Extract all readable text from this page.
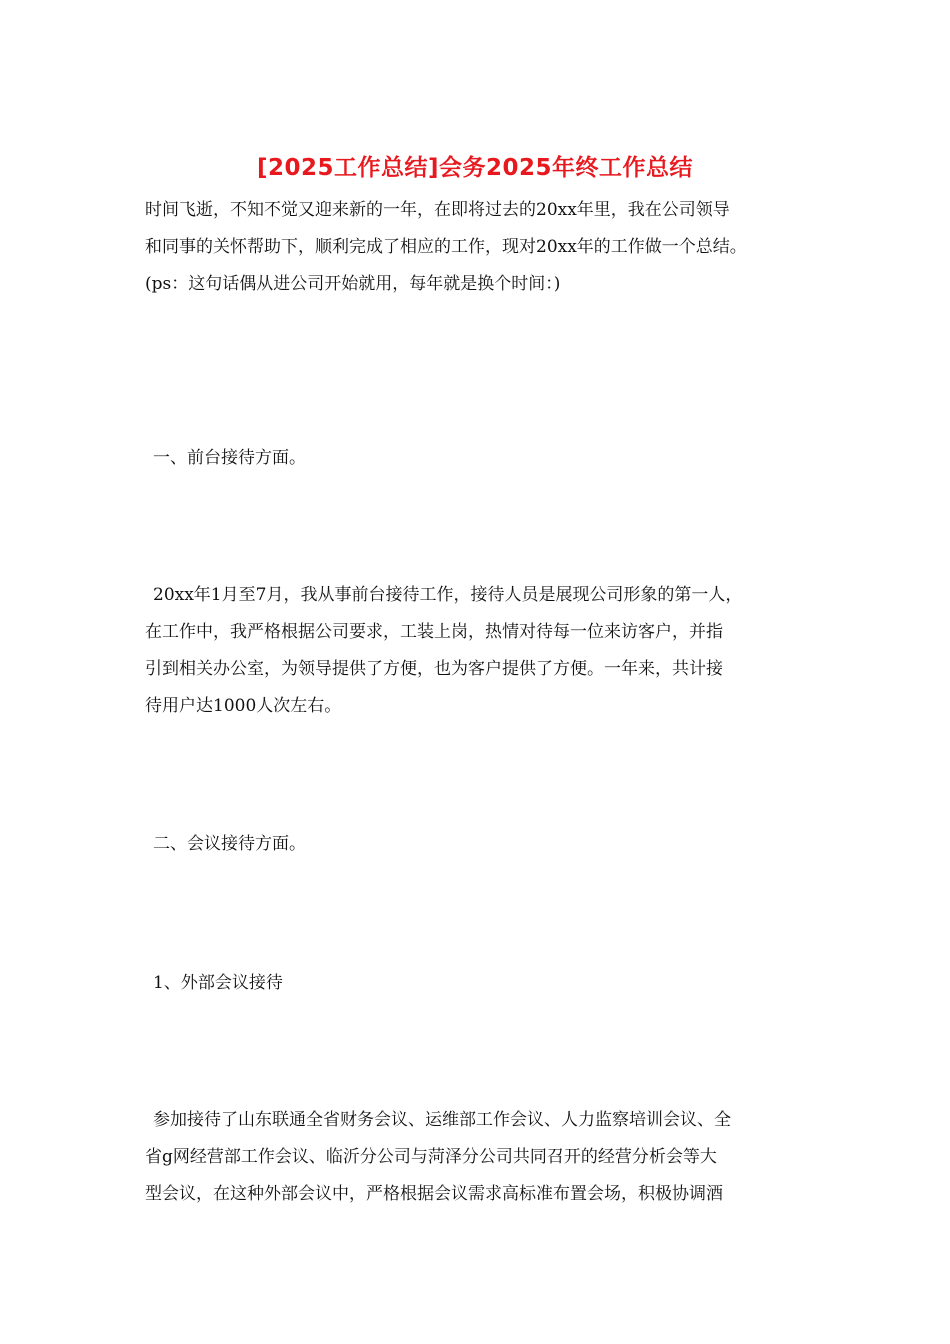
[2025工作总结]会务2025年终工作总结
时间飞逝，不知不觉又迎来新的一年，在即将过去的20xx年里，我在公司领导
和同事的关怀帮助下，顺利完成了相应的工作，现对20xx年的工作做一个总结。
(ps：这句话偶从进公司开始就用，每年就是换个时间：)
一、前台接待方面。
20xx年1月至7月，我从事前台接待工作，接待人员是展现公司形象的第一人，
在工作中，我严格根据公司要求，工装上岗，热情对待每一位来访客户，并指
引到相关办公室，为领导提供了方便，也为客户提供了方便。一年来，共计接
待用户达1000人次左右。
二、会议接待方面。
1、外部会议接待
参加接待了山东联通全省财务会议、运维部工作会议、人力监察培训会议、全
省g网经营部工作会议、临沂分公司与菏泽分公司共同召开的经营分析会等大
型会议，在这种外部会议中，严格根据会议需求高标准布置会场，积极协调酒
